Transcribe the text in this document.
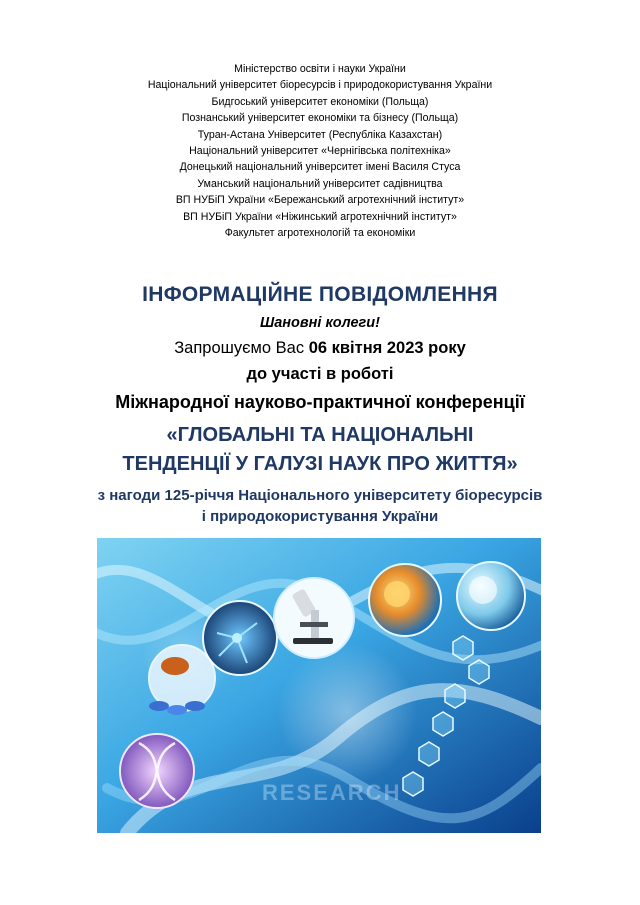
Міністерство освіти і науки України
Національний університет біоресурсів і природокористування України
Бидгоський університет економіки (Польща)
Познанський університет економіки та бізнесу (Польща)
Туран-Астана Університет (Республіка Казахстан)
Національний університет «Чернігівська політехніка»
Донецький національний університет імені Василя Стуса
Уманський національний університет садівництва
ВП НУБіП України «Бережанський агротехнічний інститут»
ВП НУБіП України «Ніжинський агротехнічний інститут»
Факультет агротехнологій та економіки
ІНФОРМАЦІЙНЕ ПОВІДОМЛЕННЯ
Шановні колеги!
Запрошуємо Вас 06 квітня 2023 року
до участі в роботі
Міжнародної науково-практичної конференції
«ГЛОБАЛЬНІ ТА НАЦІОНАЛЬНІ
ТЕНДЕНЦІЇ У ГАЛУЗІ НАУК ПРО ЖИТТЯ»
з нагоди 125-річчя Національного університету біоресурсів
і природокористування України
RESEARCH
